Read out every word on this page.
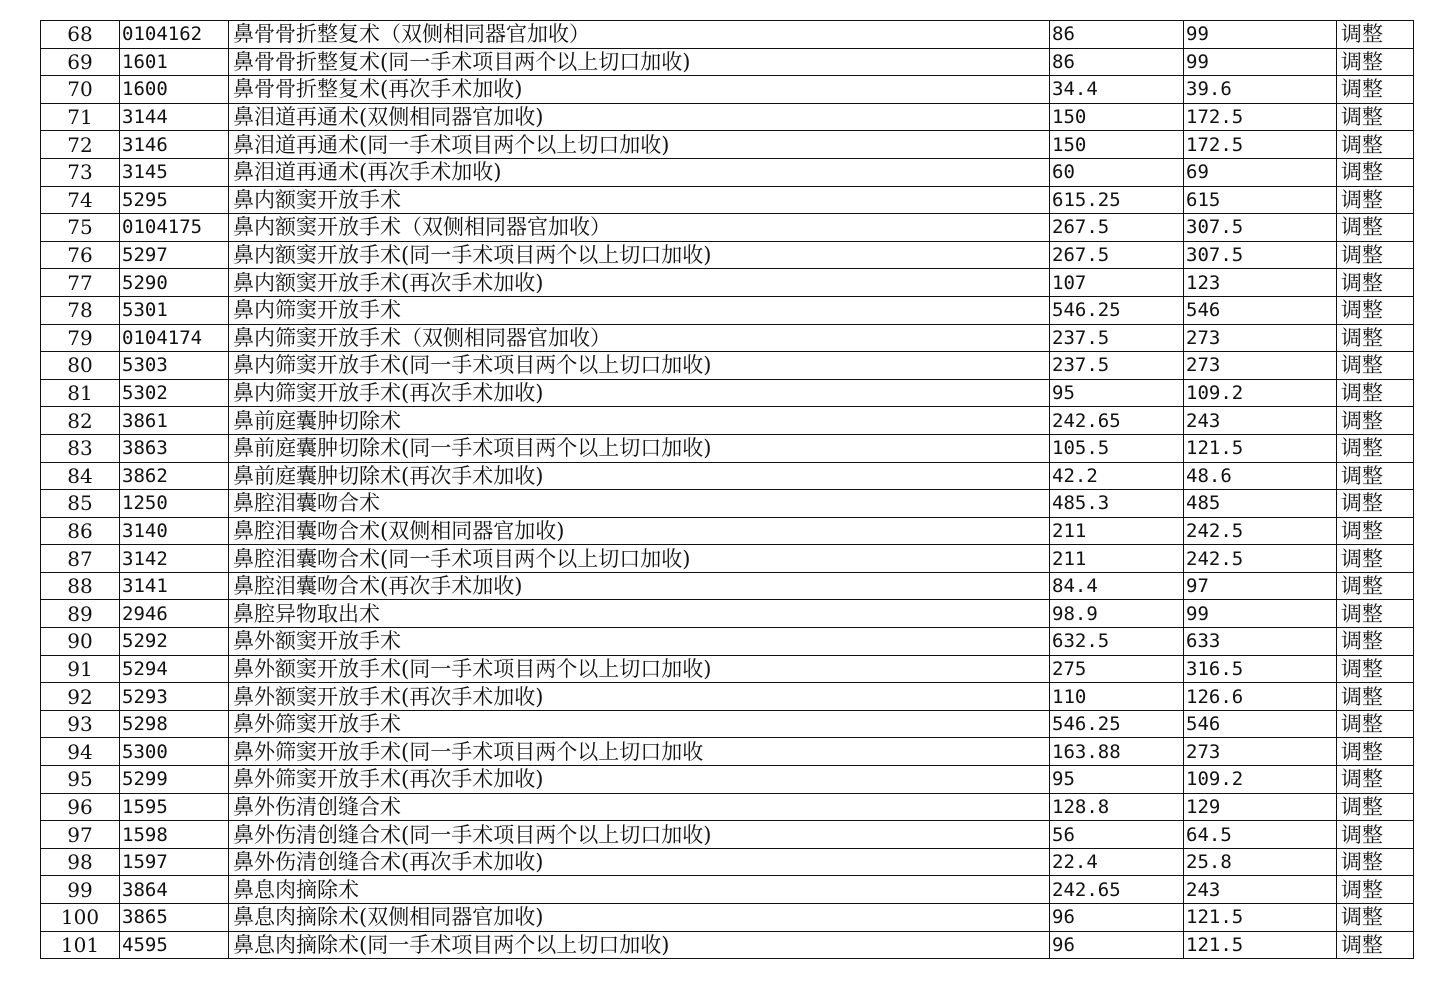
68	0104162	鼻骨骨折整复术（双侧相同器官加收）	86	99	调整
69	1601	鼻骨骨折整复术(同一手术项目两个以上切口加收)	86	99	调整
70	1600	鼻骨骨折整复术(再次手术加收)	34.4	39.6	调整
71	3144	鼻泪道再通术(双侧相同器官加收)	150	172.5	调整
72	3146	鼻泪道再通术(同一手术项目两个以上切口加收)	150	172.5	调整
73	3145	鼻泪道再通术(再次手术加收)	60	69	调整
74	5295	鼻内额窦开放手术	615.25	615	调整
75	0104175	鼻内额窦开放手术（双侧相同器官加收）	267.5	307.5	调整
76	5297	鼻内额窦开放手术(同一手术项目两个以上切口加收)	267.5	307.5	调整
77	5290	鼻内额窦开放手术(再次手术加收)	107	123	调整
78	5301	鼻内筛窦开放手术	546.25	546	调整
79	0104174	鼻内筛窦开放手术（双侧相同器官加收）	237.5	273	调整
80	5303	鼻内筛窦开放手术(同一手术项目两个以上切口加收)	237.5	273	调整
81	5302	鼻内筛窦开放手术(再次手术加收)	95	109.2	调整
82	3861	鼻前庭囊肿切除术	242.65	243	调整
83	3863	鼻前庭囊肿切除术(同一手术项目两个以上切口加收)	105.5	121.5	调整
84	3862	鼻前庭囊肿切除术(再次手术加收)	42.2	48.6	调整
85	1250	鼻腔泪囊吻合术	485.3	485	调整
86	3140	鼻腔泪囊吻合术(双侧相同器官加收)	211	242.5	调整
87	3142	鼻腔泪囊吻合术(同一手术项目两个以上切口加收)	211	242.5	调整
88	3141	鼻腔泪囊吻合术(再次手术加收)	84.4	97	调整
89	2946	鼻腔异物取出术	98.9	99	调整
90	5292	鼻外额窦开放手术	632.5	633	调整
91	5294	鼻外额窦开放手术(同一手术项目两个以上切口加收)	275	316.5	调整
92	5293	鼻外额窦开放手术(再次手术加收)	110	126.6	调整
93	5298	鼻外筛窦开放手术	546.25	546	调整
94	5300	鼻外筛窦开放手术(同一手术项目两个以上切口加收	163.88	273	调整
95	5299	鼻外筛窦开放手术(再次手术加收)	95	109.2	调整
96	1595	鼻外伤清创缝合术	128.8	129	调整
97	1598	鼻外伤清创缝合术(同一手术项目两个以上切口加收)	56	64.5	调整
98	1597	鼻外伤清创缝合术(再次手术加收)	22.4	25.8	调整
99	3864	鼻息肉摘除术	242.65	243	调整
100	3865	鼻息肉摘除术(双侧相同器官加收)	96	121.5	调整
101	4595	鼻息肉摘除术(同一手术项目两个以上切口加收)	96	121.5	调整
